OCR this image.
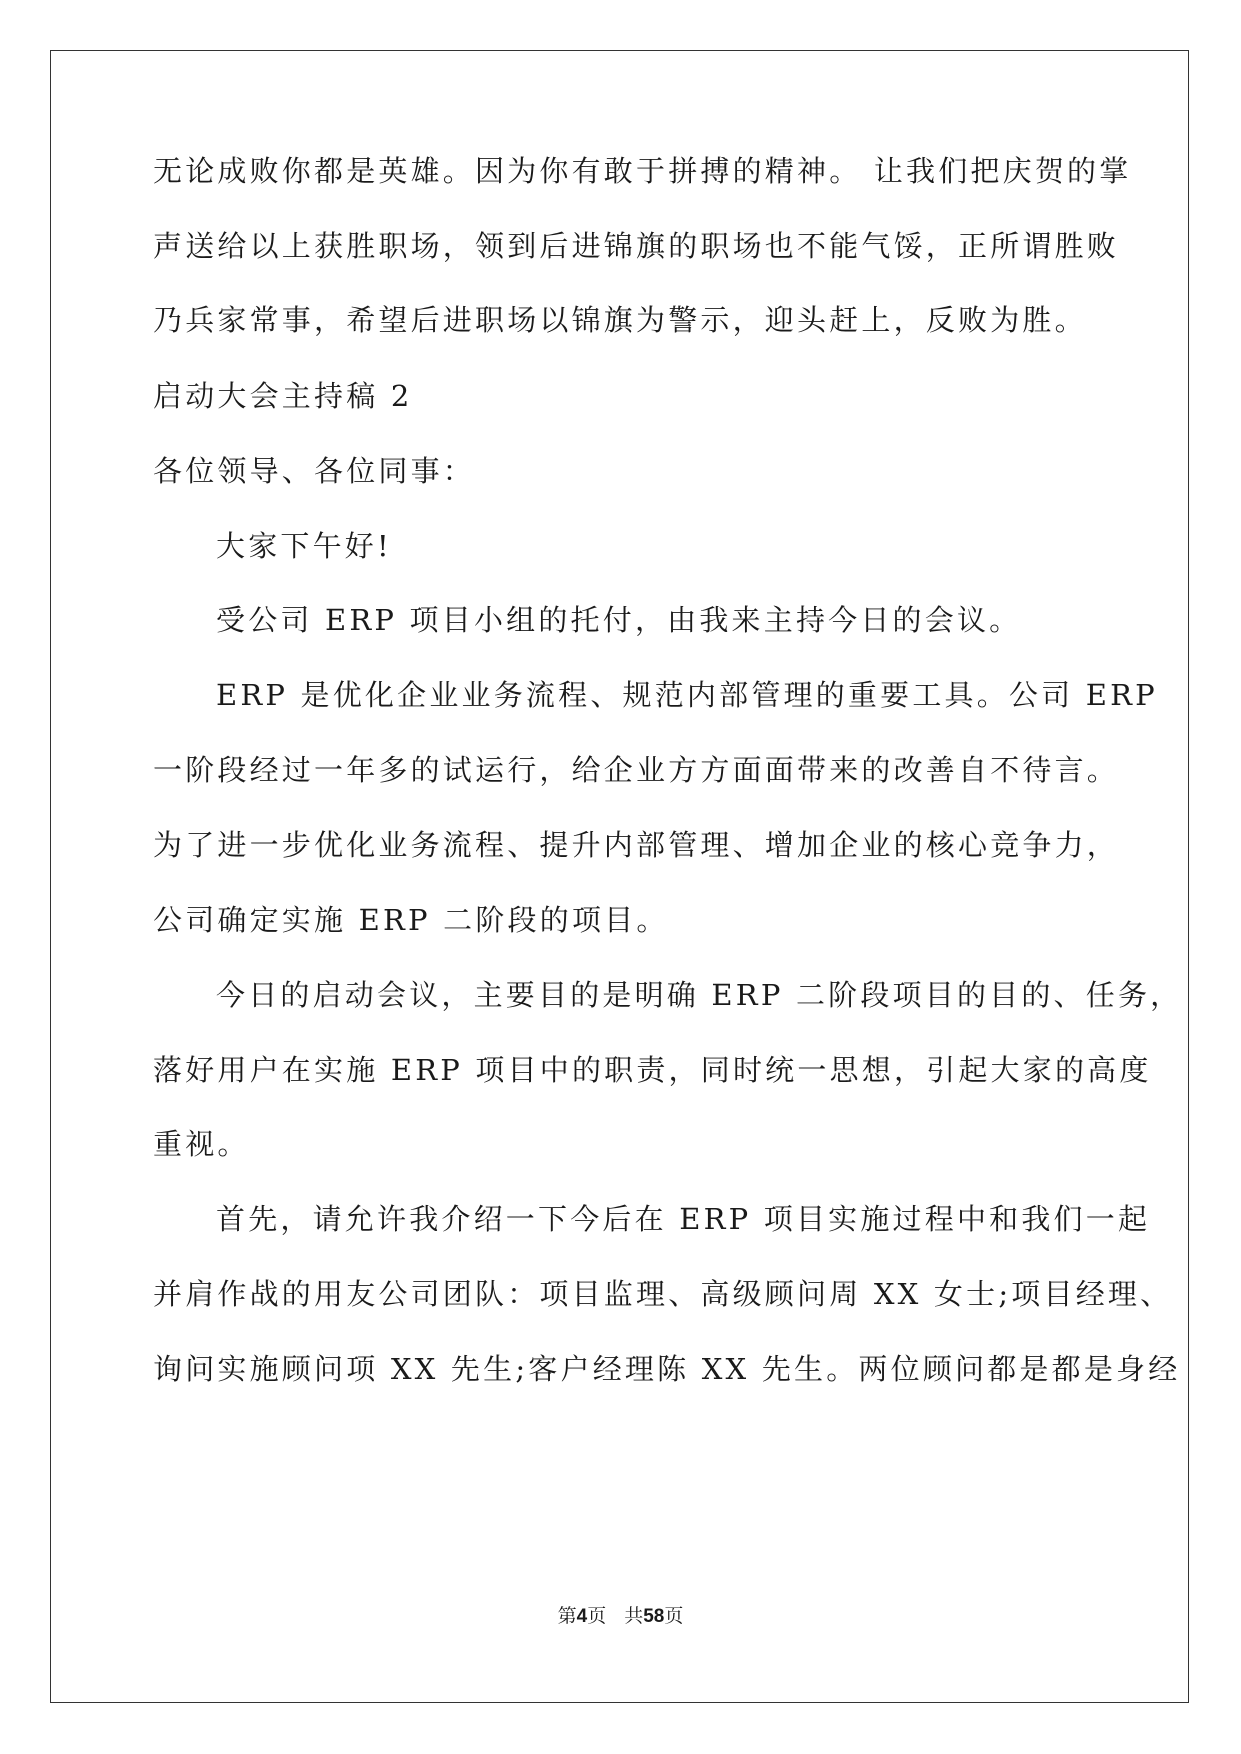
无论成败你都是英雄。因为你有敢于拼搏的精神。 让我们把庆贺的掌
声送给以上获胜职场，领到后进锦旗的职场也不能气馁，正所谓胜败
乃兵家常事，希望后进职场以锦旗为警示，迎头赶上，反败为胜。
启动大会主持稿 2
各位领导、各位同事：
大家下午好!
受公司 ERP 项目小组的托付，由我来主持今日的会议。
ERP 是优化企业业务流程、规范内部管理的重要工具。公司 ERP
一阶段经过一年多的试运行，给企业方方面面带来的改善自不待言。
为了进一步优化业务流程、提升内部管理、增加企业的核心竞争力，
公司确定实施 ERP 二阶段的项目。
今日的启动会议，主要目的是明确 ERP 二阶段项目的目的、任务，
落好用户在实施 ERP 项目中的职责，同时统一思想，引起大家的高度
重视。
首先，请允许我介绍一下今后在 ERP 项目实施过程中和我们一起
并肩作战的用友公司团队：项目监理、高级顾问周 XX 女士;项目经理、
询问实施顾问项 XX 先生;客户经理陈 XX 先生。两位顾问都是都是身经
第4页 共58页
